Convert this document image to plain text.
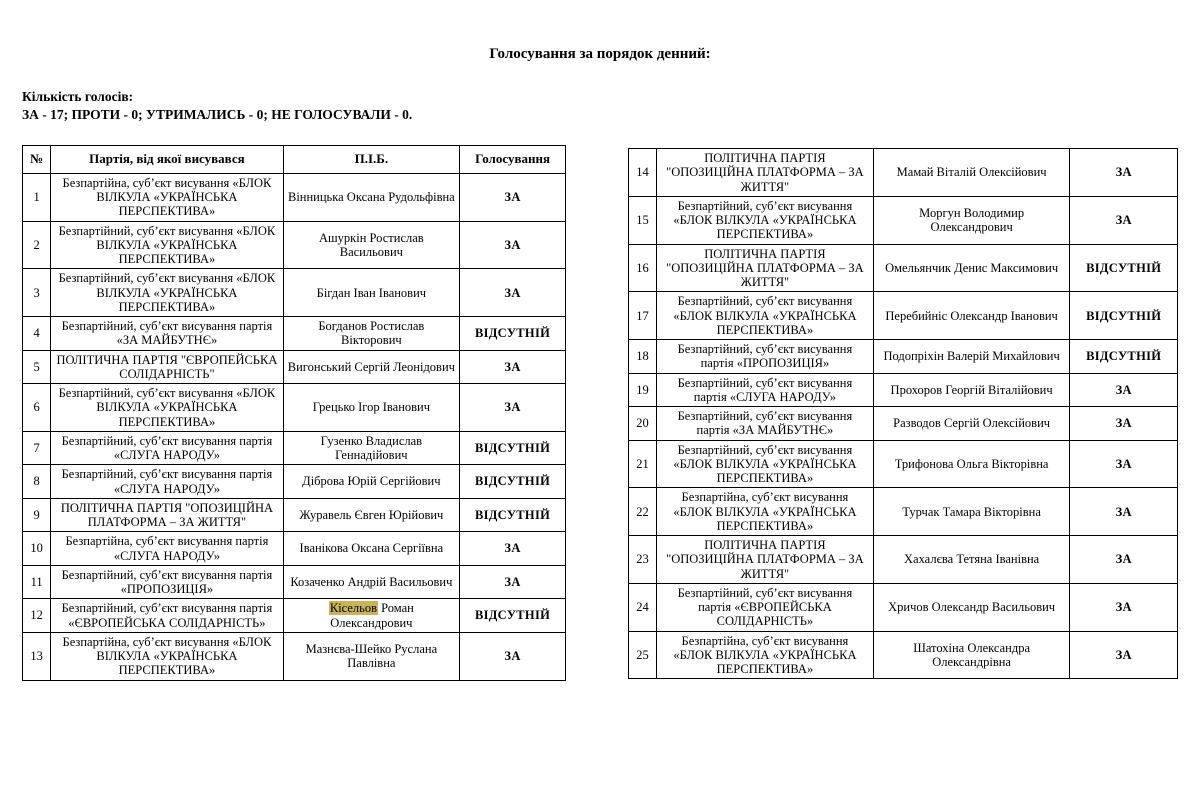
Голосування за порядок денний:
Кількість голосів:
ЗА - 17; ПРОТИ - 0; УТРИМАЛИСЬ - 0; НЕ ГОЛОСУВАЛИ - 0.
№	Партія, від якої висувався	П.І.Б.	Голосування
1	Безпартійна, суб’єкт висування «БЛОК ВІЛКУЛА «УКРАЇНСЬКА ПЕРСПЕКТИВА»	Вінницька Оксана Рудольфівна	ЗА
2	Безпартійний, суб’єкт висування «БЛОК ВІЛКУЛА «УКРАЇНСЬКА ПЕРСПЕКТИВА»	Ашуркін Ростислав Васильович	ЗА
3	Безпартійний, суб’єкт висування «БЛОК ВІЛКУЛА «УКРАЇНСЬКА ПЕРСПЕКТИВА»	Бігдан Іван Іванович	ЗА
4	Безпартійний, суб’єкт висування партія «ЗА МАЙБУТНЄ»	Богданов Ростислав Вікторович	ВІДСУТНІЙ
5	ПОЛІТИЧНА ПАРТІЯ "ЄВРОПЕЙСЬКА СОЛІДАРНІСТЬ"	Вигонський Сергій Леонідович	ЗА
6	Безпартійний, суб’єкт висування «БЛОК ВІЛКУЛА «УКРАЇНСЬКА ПЕРСПЕКТИВА»	Грецько Ігор Іванович	ЗА
7	Безпартійний, суб’єкт висування партія «СЛУГА НАРОДУ»	Гузенко Владислав Геннадійович	ВІДСУТНІЙ
8	Безпартійний, суб’єкт висування партія «СЛУГА НАРОДУ»	Діброва Юрій Сергійович	ВІДСУТНІЙ
9	ПОЛІТИЧНА ПАРТІЯ "ОПОЗИЦІЙНА ПЛАТФОРМА – ЗА ЖИТТЯ"	Журавель Євген Юрійович	ВІДСУТНІЙ
10	Безпартійна, суб’єкт висування партія «СЛУГА НАРОДУ»	Іванікова Оксана Сергіївна	ЗА
11	Безпартійний, суб’єкт висування партія «ПРОПОЗИЦІЯ»	Козаченко Андрій Васильович	ЗА
12	Безпартійний, суб’єкт висування партія «ЄВРОПЕЙСЬКА СОЛІДАРНІСТЬ»	Кісельов Роман Олександрович	ВІДСУТНІЙ
13	Безпартійна, суб’єкт висування «БЛОК ВІЛКУЛА «УКРАЇНСЬКА ПЕРСПЕКТИВА»	Мазнєва-Шейко Руслана Павлівна	ЗА
14	ПОЛІТИЧНА ПАРТІЯ "ОПОЗИЦІЙНА ПЛАТФОРМА – ЗА ЖИТТЯ"	Мамай Віталій Олексійович	ЗА
15	Безпартійний, суб’єкт висування «БЛОК ВІЛКУЛА «УКРАЇНСЬКА ПЕРСПЕКТИВА»	Моргун Володимир Олександрович	ЗА
16	ПОЛІТИЧНА ПАРТІЯ "ОПОЗИЦІЙНА ПЛАТФОРМА – ЗА ЖИТТЯ"	Омельянчик Денис Максимович	ВІДСУТНІЙ
17	Безпартійний, суб’єкт висування «БЛОК ВІЛКУЛА «УКРАЇНСЬКА ПЕРСПЕКТИВА»	Перебийніс Олександр Іванович	ВІДСУТНІЙ
18	Безпартійний, суб’єкт висування партія «ПРОПОЗИЦІЯ»	Подопріхін Валерій Михайлович	ВІДСУТНІЙ
19	Безпартійний, суб’єкт висування партія «СЛУГА НАРОДУ»	Прохоров Георгій Віталійович	ЗА
20	Безпартійний, суб’єкт висування партія «ЗА МАЙБУТНЄ»	Разводов Сергій Олексійович	ЗА
21	Безпартійний, суб’єкт висування «БЛОК ВІЛКУЛА «УКРАЇНСЬКА ПЕРСПЕКТИВА»	Трифонова Ольга Вікторівна	ЗА
22	Безпартійна, суб’єкт висування «БЛОК ВІЛКУЛА «УКРАЇНСЬКА ПЕРСПЕКТИВА»	Турчак Тамара Вікторівна	ЗА
23	ПОЛІТИЧНА ПАРТІЯ "ОПОЗИЦІЙНА ПЛАТФОРМА – ЗА ЖИТТЯ"	Хахалєва Тетяна Іванівна	ЗА
24	Безпартійний, суб’єкт висування партія «ЄВРОПЕЙСЬКА СОЛІДАРНІСТЬ»	Хричов Олександр Васильович	ЗА
25	Безпартійна, суб’єкт висування «БЛОК ВІЛКУЛА «УКРАЇНСЬКА ПЕРСПЕКТИВА»	Шатохіна Олександра Олександрівна	ЗА
